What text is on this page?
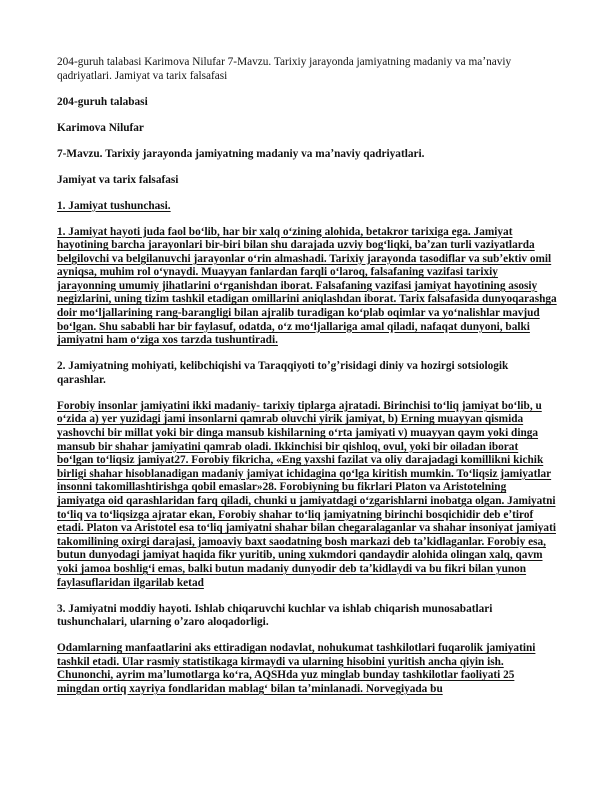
204-guruh talabasi Karimova Nilufar 7-Mavzu. Tarixiy jarayonda jamiyatning madaniy va maʼnaviy qadriyatlari. Jamiyat va tarix falsafasi

204-guruh talabasi

Karimova Nilufar

7-Mavzu. Tarixiy jarayonda jamiyatning madaniy va maʼnaviy qadriyatlari.

Jamiyat va tarix falsafasi

1. Jamiyat tushunchasi.

1. Jamiyat hayoti juda faol boʻlib, har bir xalq oʻzining alohida, betakror tarixiga ega. Jamiyat hayotining barcha jarayonlari bir-biri bilan shu darajada uzviy bogʻliqki, baʼzan turli vaziyatlarda belgilovchi va belgilanuvchi jarayonlar oʻrin almashadi. Tarixiy jarayonda tasodiflar va subʼektiv omil ayniqsa, muhim rol oʻynaydi. Muayyan fanlardan farqli oʻlaroq, falsafaning vazifasi tarixiy jarayonning umumiy jihatlarini oʻrganishdan iborat. Falsafaning vazifasi jamiyat hayotining asosiy negizlarini, uning tizim tashkil etadigan omillarini aniqlashdan iborat. Tarix falsafasida dunyoqarashga doir moʻljallarining rang-barangligi bilan ajralib turadigan koʻplab oqimlar va yoʻnalishlar mavjud boʻlgan. Shu sababli har bir faylasuf, odatda, oʻz moʻljallariga amal qiladi, nafaqat dunyoni, balki jamiyatni ham oʻziga xos tarzda tushuntiradi.

2. Jamiyatning mohiyati, kelibchiqishi va Taraqqiyoti toʼgʼrisidagi diniy va hozirgi sotsiologik qarashlar.

Forobiy insonlar jamiyatini ikki madaniy- tarixiy tiplarga ajratadi. Birinchisi toʻliq jamiyat boʻlib, u oʻzida a) yer yuzidagi jami insonlarni qamrab oluvchi yirik jamiyat, b) Erning muayyan qismida yashovchi bir millat yoki bir dinga mansub kishilarning oʻrta jamiyati v) muayyan qaym yoki dinga mansub bir shahar jamiyatini qamrab oladi. Ikkinchisi bir qishloq, ovul, yoki bir oiladan iborat boʻlgan toʻliqsiz jamiyat27. Forobiy fikricha, «Eng yaxshi fazilat va oliy darajadagi komillikni kichik birligi shahar hisoblanadigan madaniy jamiyat ichidagina qoʻlga kiritish mumkin. Toʻliqsiz jamiyatlar insonni takomillashtirishga qobil emaslar»28. Forobiyning bu fikrlari Platon va Aristotelning jamiyatga oid qarashlaridan farq qiladi, chunki u jamiyatdagi oʻzgarishlarni inobatga olgan. Jamiyatni toʻliq va toʻliqsizga ajratar ekan, Forobiy shahar toʻliq jamiyatning birinchi bosqichidir deb eʼtirof etadi. Platon va Aristotel esa toʻliq jamiyatni shahar bilan chegaralaganlar va shahar insoniyat jamiyati takomilining oxirgi darajasi, jamoaviy baxt saodatning bosh markazi deb taʼkidlaganlar. Forobiy esa, butun dunyodagi jamiyat haqida fikr yuritib, uning xukmdori qandaydir alohida olingan xalq, qavm yoki jamoa boshligʻi emas, balki butun madaniy dunyodir deb taʼkidlaydi va bu fikri bilan yunon faylasuflaridan ilgarilab ketad

3. Jamiyatni moddiy hayoti. Ishlab chiqaruvchi kuchlar va ishlab chiqarish munosabatlari tushunchalari, ularning oʼzaro aloqadorligi.

Odamlarning manfaatlarini aks ettiradigan nodavlat, nohukumat tashkilotlari fuqarolik jamiyatini tashkil etadi. Ular rasmiy statistikaga kirmaydi va ularning hisobini yuritish ancha qiyin ish. Chunonchi, ayrim maʼlumotlarga koʻra, AQSHda yuz minglab bunday tashkilotlar faoliyati 25 mingdan ortiq xayriya fondlaridan mablagʻ bilan taʼminlanadi. Norvegiyada bu
